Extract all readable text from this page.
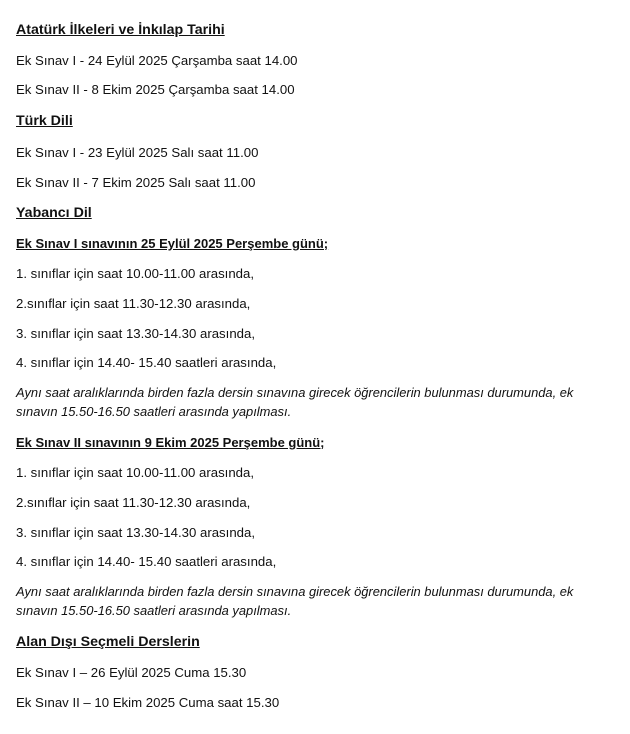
Atatürk İlkeleri ve İnkılap Tarihi
Ek Sınav I - 24 Eylül 2025 Çarşamba saat 14.00
Ek Sınav II - 8 Ekim 2025 Çarşamba saat 14.00
Türk Dili
Ek Sınav I - 23 Eylül 2025 Salı saat 11.00
Ek Sınav II - 7 Ekim 2025 Salı saat 11.00
Yabancı Dil
Ek Sınav I sınavının 25 Eylül 2025 Perşembe günü;
1. sınıflar için saat 10.00-11.00 arasında,
2.sınıflar için saat 11.30-12.30 arasında,
3. sınıflar için saat 13.30-14.30 arasında,
4. sınıflar için 14.40- 15.40 saatleri arasında,
Aynı saat aralıklarında birden fazla dersin sınavına girecek öğrencilerin bulunması durumunda, ek sınavın 15.50-16.50 saatleri arasında yapılması.
Ek Sınav II sınavının 9 Ekim 2025 Perşembe günü;
1. sınıflar için saat 10.00-11.00 arasında,
2.sınıflar için saat 11.30-12.30 arasında,
3. sınıflar için saat 13.30-14.30 arasında,
4. sınıflar için 14.40- 15.40 saatleri arasında,
Aynı saat aralıklarında birden fazla dersin sınavına girecek öğrencilerin bulunması durumunda, ek sınavın 15.50-16.50 saatleri arasında yapılması.
Alan Dışı Seçmeli Derslerin
Ek Sınav I – 26 Eylül 2025 Cuma 15.30
Ek Sınav II – 10 Ekim 2025 Cuma saat 15.30
